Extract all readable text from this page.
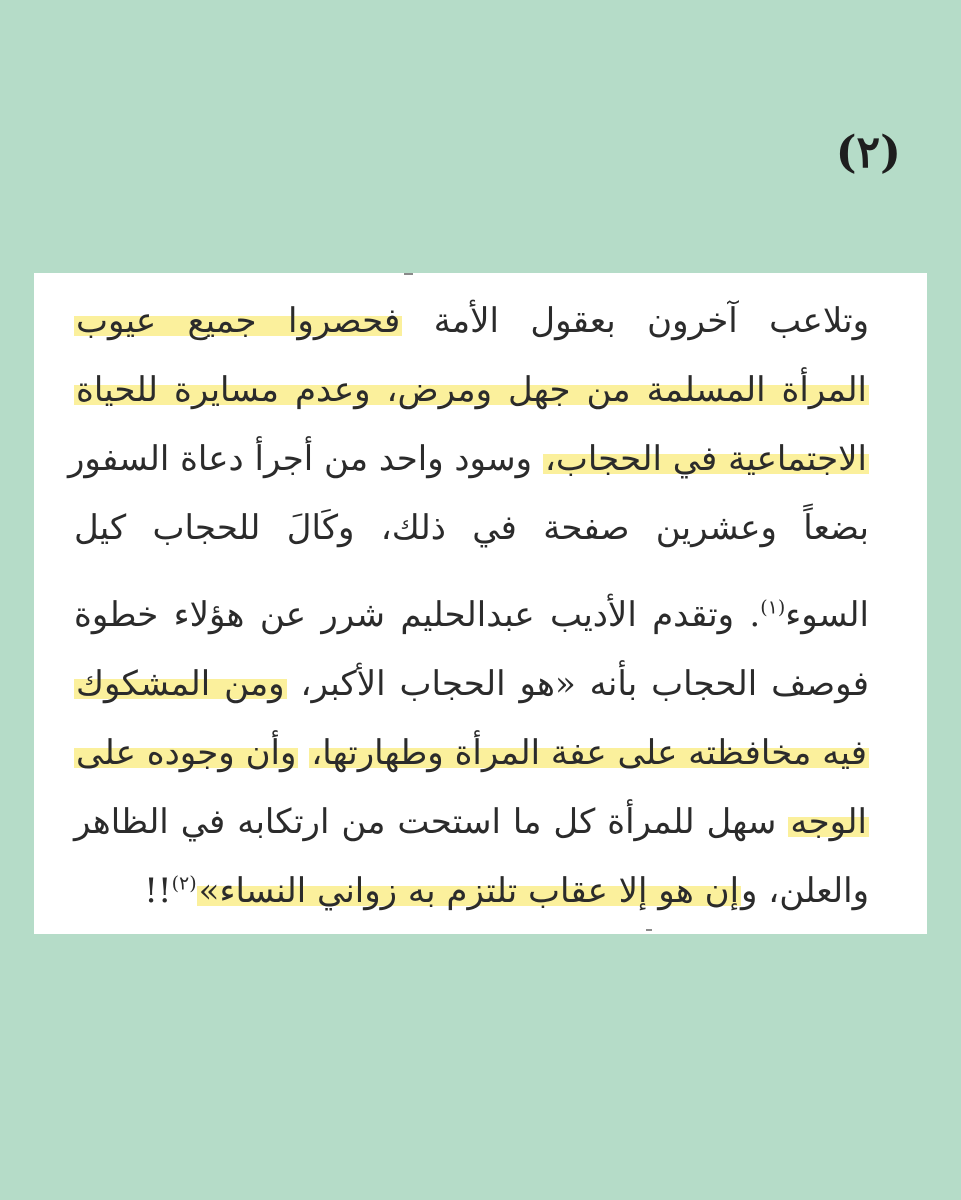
(٢)
وتلاعب آخرون بعقول الأمة فحصروا جميع عيوب
المرأة المسلمة من جهل ومرض، وعدم مسايرة للحياة
الاجتماعية في الحجاب، وسود واحد من أجرأ دعاة السفور
بضعاً وعشرين صفحة في ذلك، وكَالَ للحجاب كيل
السوء$^{(١)}$. وتقدم الأديب عبدالحليم شرر عن هؤلاء خطوة
فوصف الحجاب بأنه «هو الحجاب الأكبر، ومن المشكوك
فيه مخافظته على عفة المرأة وطهارتها، وأن وجوده على
الوجه سهل للمرأة كل ما استحت من ارتكابه في الظاهر
والعلن، وإن هو إلا عقاب تلتزم به زواني النساء»$^{(٢)}$!!
